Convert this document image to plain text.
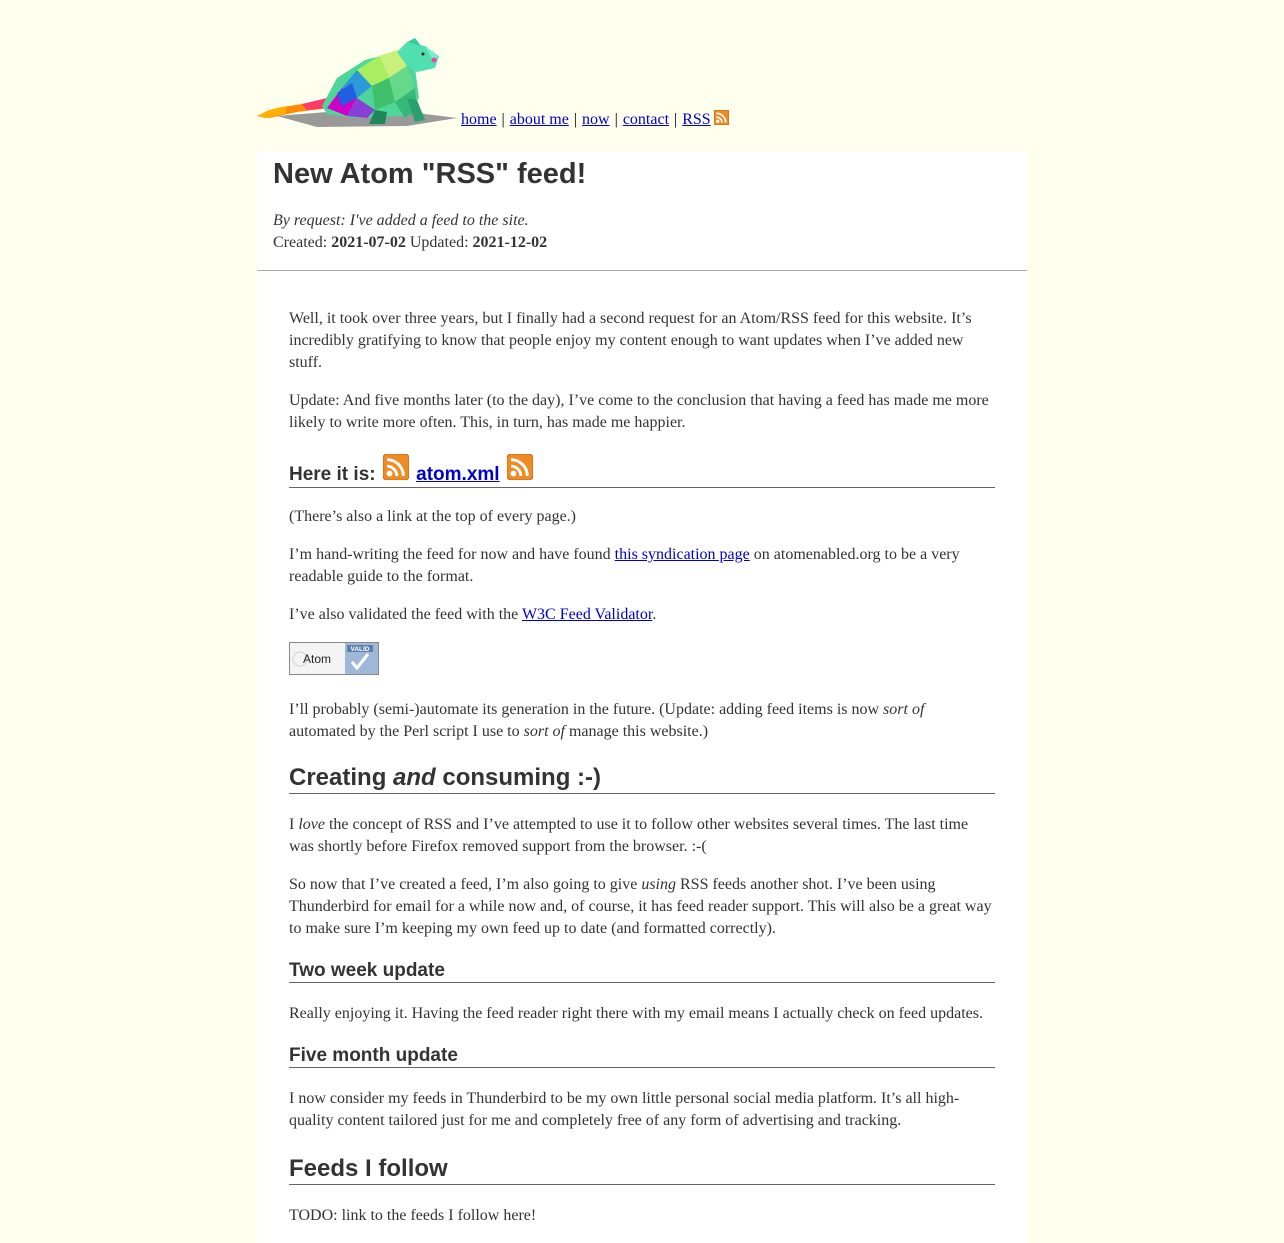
home | about me | now | contact | RSS
New Atom "RSS" feed!
By request: I've added a feed to the site.
Created: 2021-07-02 Updated: 2021-12-02

Well, it took over three years, but I finally had a second request for an Atom/RSS feed for this website. It’s incredibly gratifying to know that people enjoy my content enough to want updates when I’ve added new stuff.

Update: And five months later (to the day), I’ve come to the conclusion that having a feed has made me more likely to write more often. This, in turn, has made me happier.

Here it is: atom.xml

(There’s also a link at the top of every page.)

I’m hand-writing the feed for now and have found this syndication page on atomenabled.org to be a very readable guide to the format.

I’ve also validated the feed with the W3C Feed Validator.

VALID
Atom

I’ll probably (semi-)automate its generation in the future. (Update: adding feed items is now sort of automated by the Perl script I use to sort of manage this website.)

Creating and consuming :-)

I love the concept of RSS and I’ve attempted to use it to follow other websites several times. The last time was shortly before Firefox removed support from the browser. :-(

So now that I’ve created a feed, I’m also going to give using RSS feeds another shot. I’ve been using Thunderbird for email for a while now and, of course, it has feed reader support. This will also be a great way to make sure I’m keeping my own feed up to date (and formatted correctly).

Two week update

Really enjoying it. Having the feed reader right there with my email means I actually check on feed updates.

Five month update

I now consider my feeds in Thunderbird to be my own little personal social media platform. It’s all high-quality content tailored just for me and completely free of any form of advertising and tracking.

Feeds I follow

TODO: link to the feeds I follow here!
